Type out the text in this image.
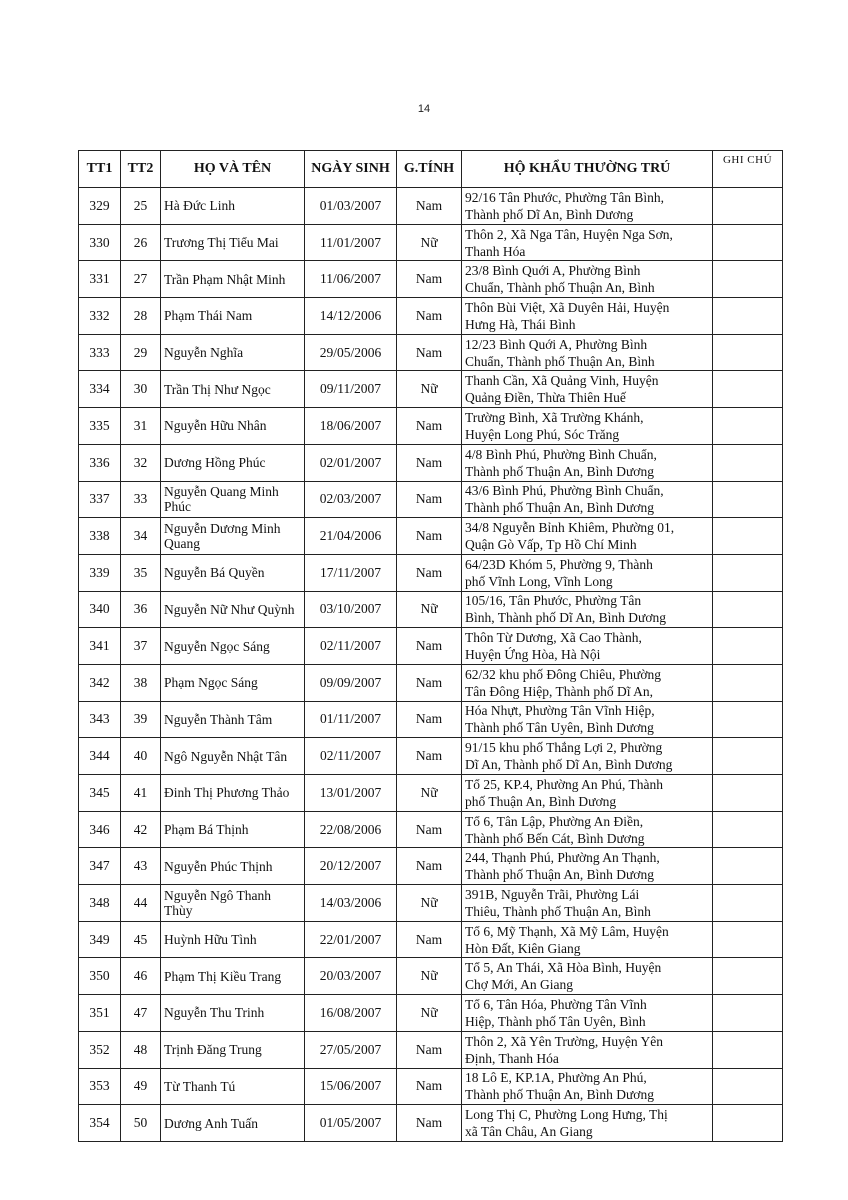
14
TT1	TT2	HỌ VÀ TÊN	NGÀY SINH	G.TÍNH	HỘ KHẨU THƯỜNG TRÚ	GHI CHÚ
329	25	Hà Đức Linh	01/03/2007	Nam	92/16 Tân Phước, Phường Tân Bình,
Thành phố Dĩ An, Bình Dương	

330	26	Trương Thị Tiểu Mai	11/01/2007	Nữ	Thôn 2, Xã Nga Tân, Huyện Nga Sơn,
Thanh Hóa	

331	27	Trần Phạm Nhật Minh	11/06/2007	Nam	23/8 Bình Quới A, Phường Bình
Chuẩn, Thành phố Thuận An, Bình	

332	28	Phạm Thái Nam	14/12/2006	Nam	Thôn Bùi Việt, Xã Duyên Hải, Huyện
Hưng Hà, Thái Bình	

333	29	Nguyễn Nghĩa	29/05/2006	Nam	12/23 Bình Quới A, Phường Bình
Chuẩn, Thành phố Thuận An, Bình	

334	30	Trần Thị Như Ngọc	09/11/2007	Nữ	Thanh Cần, Xã Quảng Vinh, Huyện
Quảng Điền, Thừa Thiên Huế	

335	31	Nguyễn Hữu Nhân	18/06/2007	Nam	Trường Bình, Xã Trường Khánh,
Huyện Long Phú, Sóc Trăng	

336	32	Dương Hồng Phúc	02/01/2007	Nam	4/8 Bình Phú, Phường Bình Chuẩn,
Thành phố Thuận An, Bình Dương	

337	33	Nguyễn Quang Minh Phúc	02/03/2007	Nam	43/6 Bình Phú, Phường Bình Chuẩn,
Thành phố Thuận An, Bình Dương	

338	34	Nguyễn Dương Minh Quang	21/04/2006	Nam	34/8 Nguyễn Bỉnh Khiêm, Phường 01,
Quận Gò Vấp, Tp Hồ Chí Minh	

339	35	Nguyễn Bá Quyền	17/11/2007	Nam	64/23D Khóm 5, Phường 9, Thành
phố Vĩnh Long, Vĩnh Long	

340	36	Nguyễn Nữ Như Quỳnh	03/10/2007	Nữ	105/16, Tân Phước, Phường Tân
Bình, Thành phố Dĩ An, Bình Dương	

341	37	Nguyễn Ngọc Sáng	02/11/2007	Nam	Thôn Từ Dương, Xã Cao Thành,
Huyện Ứng Hòa, Hà Nội	

342	38	Phạm Ngọc Sáng	09/09/2007	Nam	62/32 khu phố Đông Chiêu, Phường
Tân Đông Hiệp, Thành phố Dĩ An,	

343	39	Nguyễn Thành Tâm	01/11/2007	Nam	Hóa Nhựt, Phường Tân Vĩnh Hiệp,
Thành phố Tân Uyên, Bình Dương	

344	40	Ngô Nguyễn Nhật Tân	02/11/2007	Nam	91/15 khu phố Thắng Lợi 2, Phường
Dĩ An, Thành phố Dĩ An, Bình Dương	

345	41	Đinh Thị Phương Thảo	13/01/2007	Nữ	Tổ 25, KP.4, Phường An Phú, Thành
phố Thuận An, Bình Dương	

346	42	Phạm Bá Thịnh	22/08/2006	Nam	Tổ 6, Tân Lập, Phường An Điền,
Thành phố Bến Cát, Bình Dương	

347	43	Nguyễn Phúc Thịnh	20/12/2007	Nam	244, Thạnh Phú, Phường An Thạnh,
Thành phố Thuận An, Bình Dương	

348	44	Nguyễn Ngô Thanh Thùy	14/03/2006	Nữ	391B, Nguyễn Trãi, Phường Lái
Thiêu, Thành phố Thuận An, Bình	

349	45	Huỳnh Hữu Tình	22/01/2007	Nam	Tổ 6, Mỹ Thạnh, Xã Mỹ Lâm, Huyện
Hòn Đất, Kiên Giang	

350	46	Phạm Thị Kiều Trang	20/03/2007	Nữ	Tổ 5, An Thái, Xã Hòa Bình, Huyện
Chợ Mới, An Giang	

351	47	Nguyễn Thu Trinh	16/08/2007	Nữ	Tổ 6, Tân Hóa, Phường Tân Vĩnh
Hiệp, Thành phố Tân Uyên, Bình	

352	48	Trịnh Đăng Trung	27/05/2007	Nam	Thôn 2, Xã Yên Trường, Huyện Yên
Định, Thanh Hóa	

353	49	Từ Thanh Tú	15/06/2007	Nam	18 Lô E, KP.1A, Phường An Phú,
Thành phố Thuận An, Bình Dương	

354	50	Dương Anh Tuấn	01/05/2007	Nam	Long Thị C, Phường Long Hưng, Thị
xã Tân Châu, An Giang	
